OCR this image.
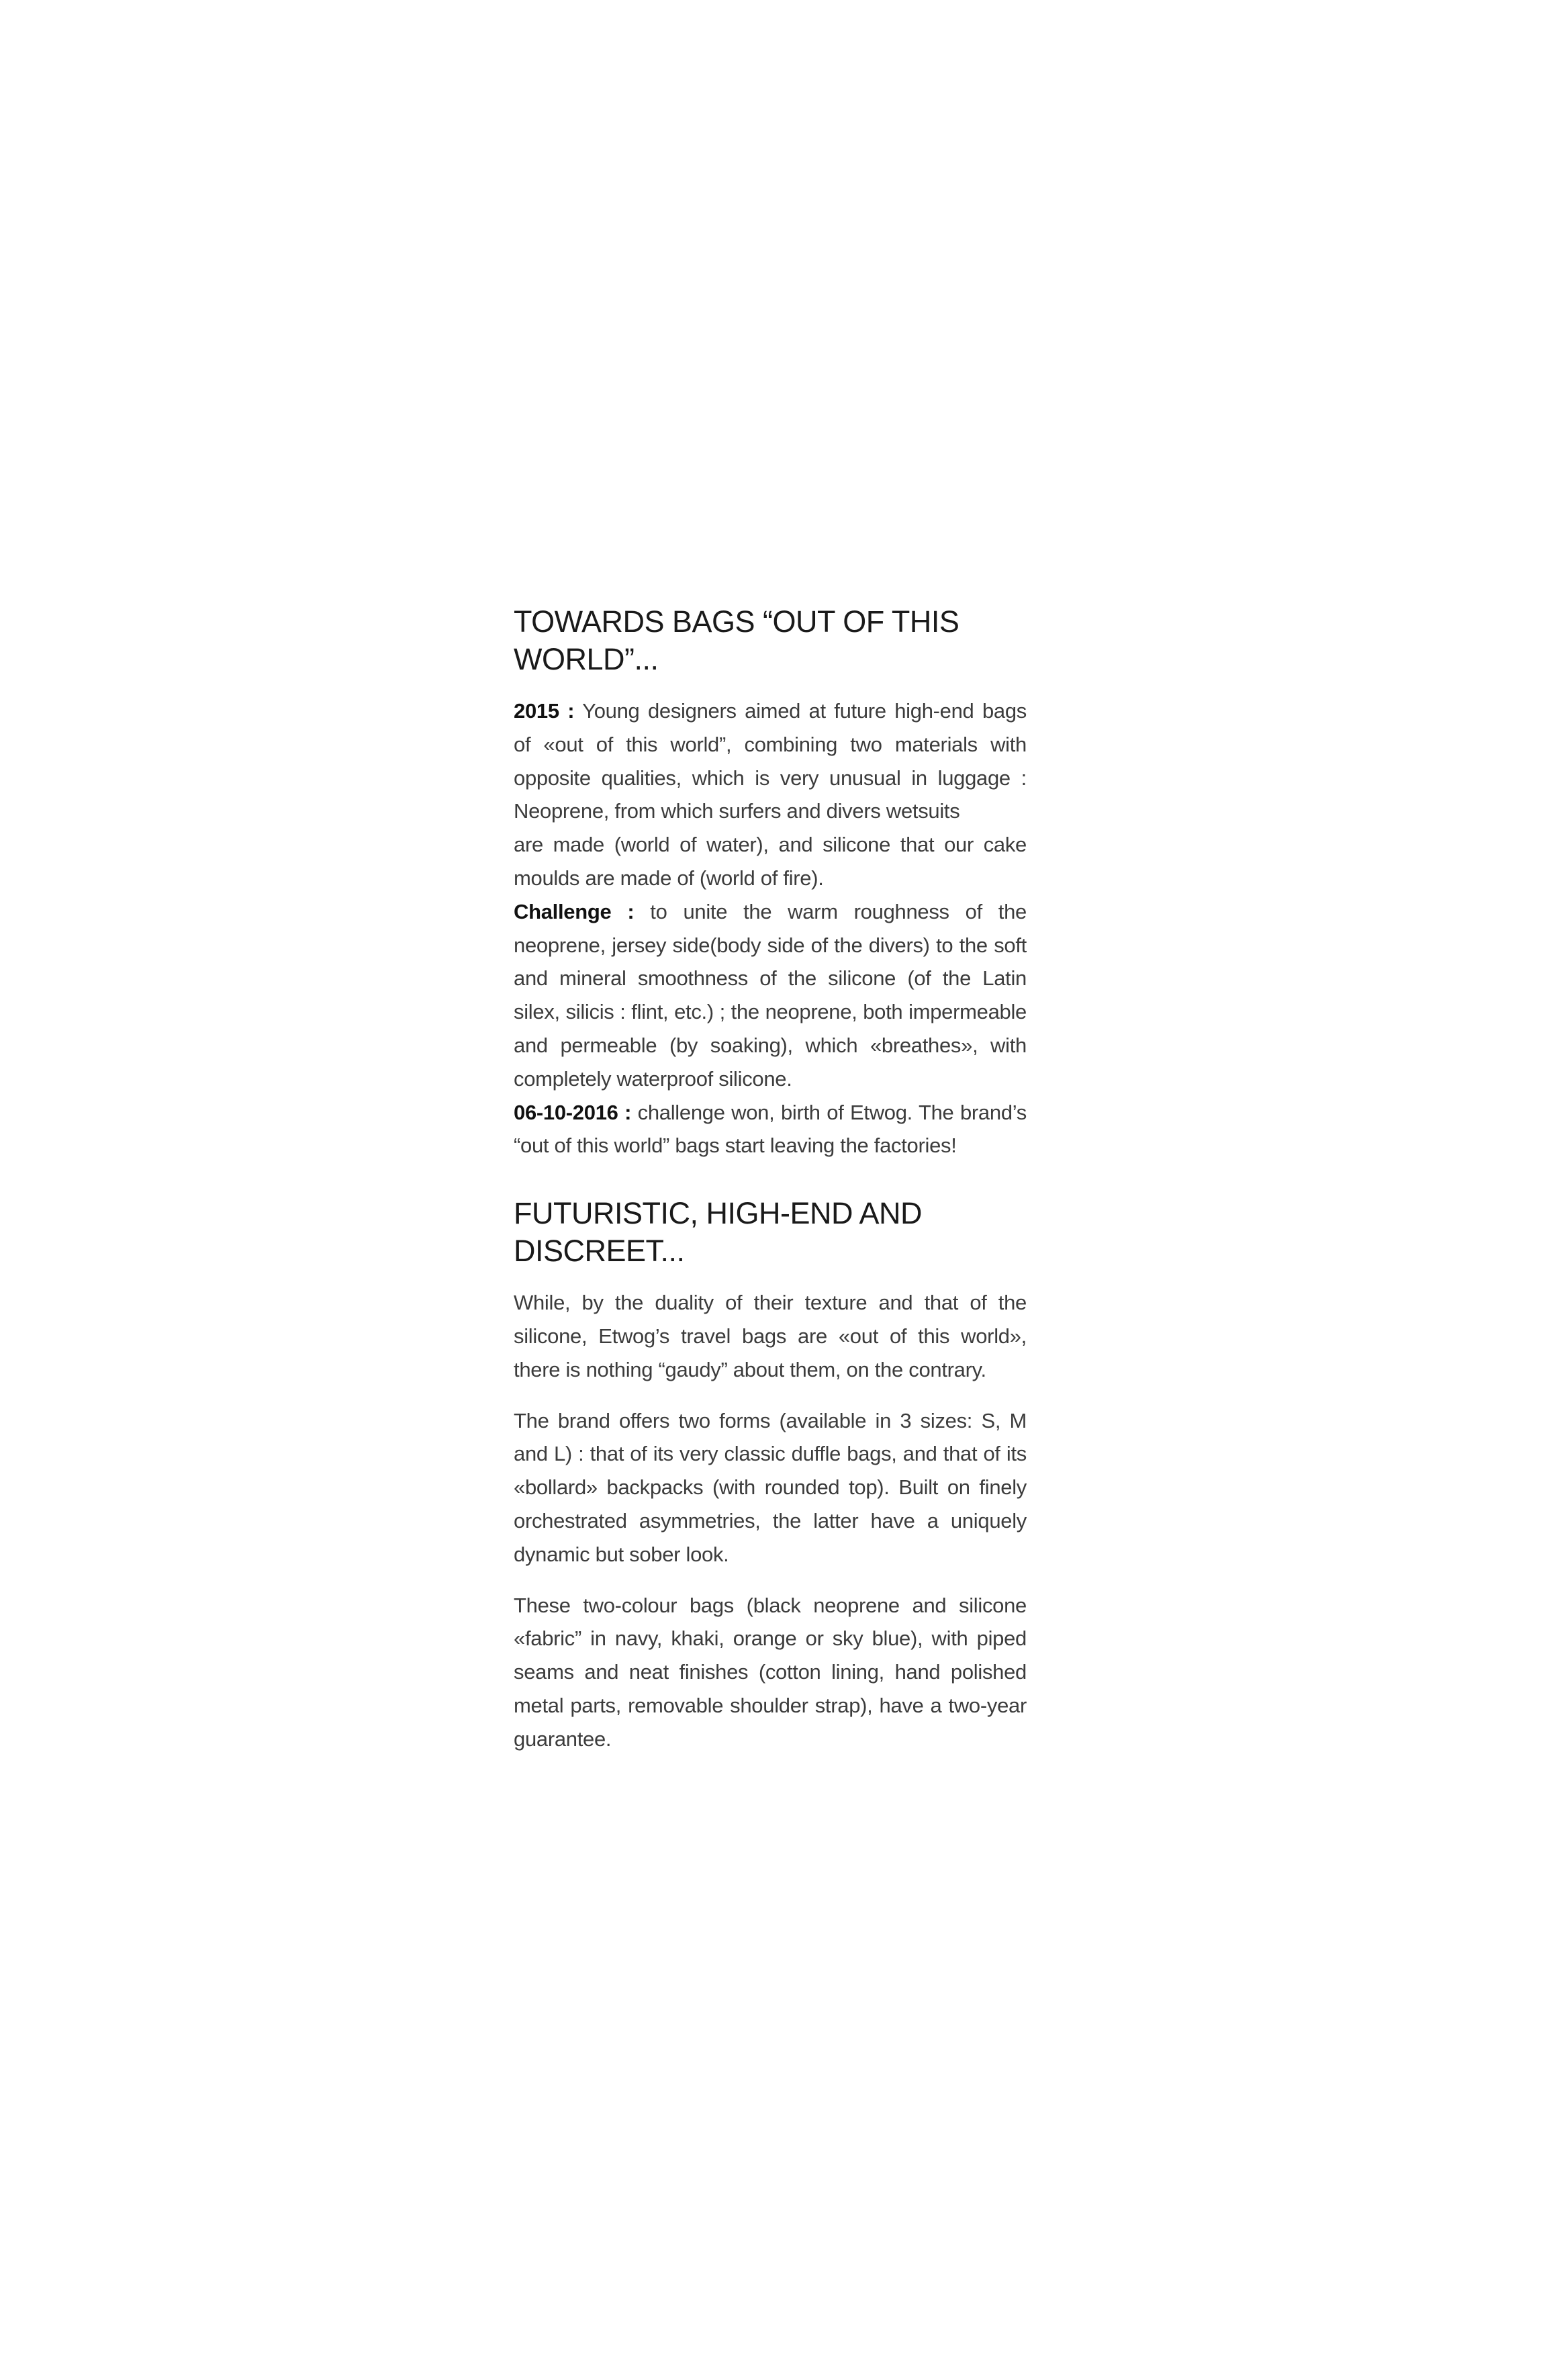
TOWARDS BAGS “OUT OF THIS WORLD”...

2015 : Young designers aimed at future high-end bags of «out of this world”, combining two materials with opposite qualities, which is very unusual in luggage : Neoprene, from which surfers and divers wetsuits

are made (world of water), and silicone that our cake moulds are made of (world of fire).

Challenge : to unite the warm roughness of the neoprene, jersey side(body side of the divers) to the soft and mineral smoothness of the silicone (of the Latin silex, silicis : flint, etc.) ; the neoprene, both impermeable and permeable (by soaking), which «breathes», with completely waterproof silicone.

06-10-2016 : challenge won, birth of Etwog. The brand’s “out of this world” bags start leaving the factories!

FUTURISTIC, HIGH-END AND DISCREET...

While, by the duality of their texture and that of the silicone, Etwog’s travel bags are «out of this world», there is nothing “gaudy” about them, on the contrary.

The brand offers two forms (available in 3 sizes: S, M and L) : that of its very classic duffle bags, and that of its «bollard» backpacks (with rounded top). Built on finely orchestrated asymmetries, the latter have a uniquely dynamic but sober look.

These two-colour bags (black neoprene and silicone «fabric” in navy, khaki, orange or sky blue), with piped seams and neat finishes (cotton lining, hand polished metal parts, removable shoulder strap), have a two-year guarantee.
